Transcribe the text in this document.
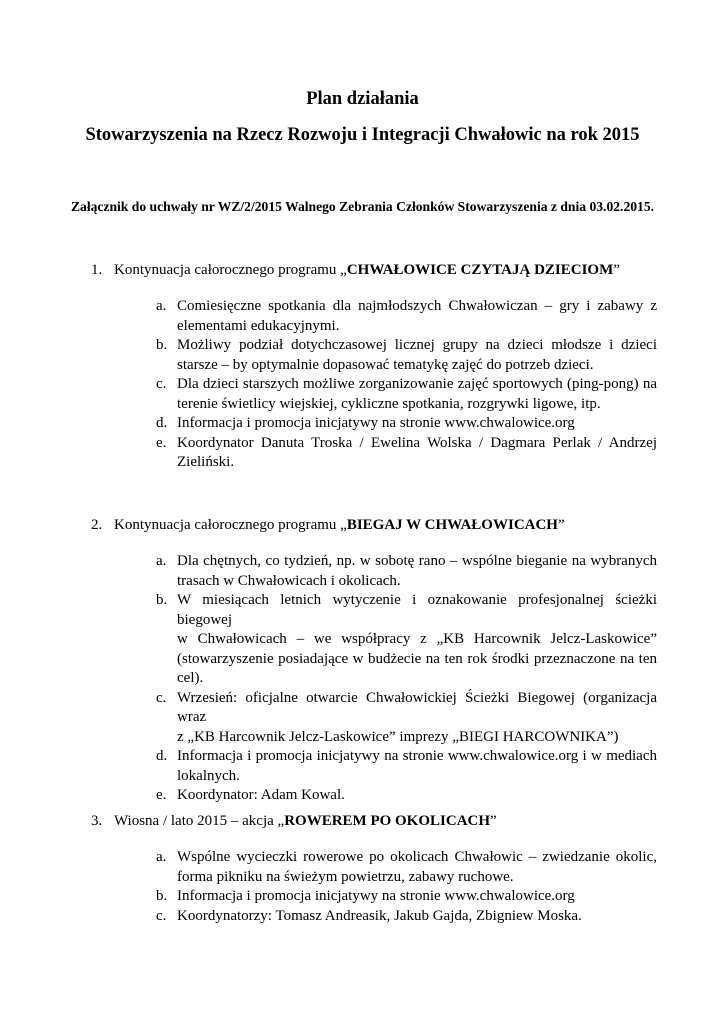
Plan działania
Stowarzyszenia na Rzecz Rozwoju i Integracji Chwałowic na rok 2015
Załącznik do uchwały nr WZ/2/2015 Walnego Zebrania Członków Stowarzyszenia z dnia 03.02.2015.
1. Kontynuacja całorocznego programu „CHWAŁOWICE CZYTAJĄ DZIECIOM”
a. Comiesięczne spotkania dla najmłodszych Chwałowiczan – gry i zabawy z
elementami edukacyjnymi.
b. Możliwy podział dotychczasowej licznej grupy na dzieci młodsze i dzieci
starsze – by optymalnie dopasować tematykę zajęć do potrzeb dzieci.
c. Dla dzieci starszych możliwe zorganizowanie zajęć sportowych (ping-pong) na
terenie świetlicy wiejskiej, cykliczne spotkania, rozgrywki ligowe, itp.
d. Informacja i promocja inicjatywy na stronie www.chwalowice.org
e. Koordynator Danuta Troska / Ewelina Wolska / Dagmara Perlak / Andrzej
Zieliński.
2. Kontynuacja całorocznego programu „BIEGAJ W CHWAŁOWICACH”
a. Dla chętnych, co tydzień, np. w sobotę rano – wspólne bieganie na wybranych
trasach w Chwałowicach i okolicach.
b. W miesiącach letnich wytyczenie i oznakowanie profesjonalnej ścieżki biegowej
w Chwałowicach – we współpracy z „KB Harcownik Jelcz-Laskowice”
(stowarzyszenie posiadające w budżecie na ten rok środki przeznaczone na ten
cel).
c. Wrzesień: oficjalne otwarcie Chwałowickiej Ścieżki Biegowej (organizacja wraz
z „KB Harcownik Jelcz-Laskowice” imprezy „BIEGI HARCOWNIKA”)
d. Informacja i promocja inicjatywy na stronie www.chwalowice.org i w mediach
lokalnych.
e. Koordynator: Adam Kowal.
3. Wiosna / lato 2015 – akcja „ROWEREM PO OKOLICACH”
a. Wspólne wycieczki rowerowe po okolicach Chwałowic – zwiedzanie okolic,
forma pikniku na świeżym powietrzu, zabawy ruchowe.
b. Informacja i promocja inicjatywy na stronie www.chwalowice.org
c. Koordynatorzy: Tomasz Andreasik, Jakub Gajda, Zbigniew Moska.
